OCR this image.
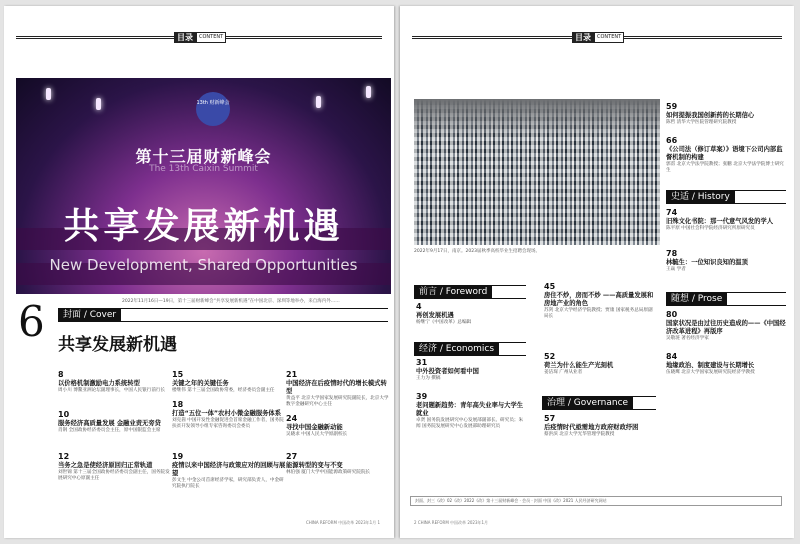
目录	CONTENT
13th 财新峰会
第十三届财新峰会
The 13th Caixin Summit
共享发展新机遇
New Development, Shared Opportunities
2022年11月16日—19日，第十三届财新峰会“共享发展新机遇”在中国北京、深圳等地举办，来自海内外……
6	封面 / Cover
共享发展新机遇
8
以价格机制激励电力系统转型
周小川 博鳌亚洲论坛副理事长，中国人民银行前行长
10
服务经济高质量发展 金融业责无旁贷
肖钢 全国政协经济委员会主任，原中国银监会主席
12
当务之急是使经济原回归正常轨道
刘世锦 第十三届全国政协经济委员会副主任，国务院发展研究中心原副主任
15
关键之年的关键任务
楼继伟 第十三届全国政协常委，经济委员会副主任
18
打造“五位一体”农村小微金融服务体系
刘克崮 中国开发性金融促进会首席金融工作者，国务院扶贫开发领导小组专家咨询委员会委员
19
疫情以来中国经济与政策应对的回顾与展望
彭文生 中金公司首席经济学家，研究部负责人，中金研究院执行院长
21
中国经济在后疫情时代的增长模式转型
黄益平 北京大学国家发展研究院副院长，北京大学数字金融研究中心主任
24
寻找中国金融新动能
吴晓求 中国人民大学原副校长
27
能源转型的变与不变
林伯强 厦门大学中国能源政策研究院院长
CHINA REFORM 中国改革 2023年1月 1
目录	CONTENT
2022年9月17日，南京。2023届秋季高校毕业生招聘会现场。
59
如何提振我国创新药的长期信心
陈哲 清华大学医院管理研究院教授
66
《公司法（修订草案）》语境下公司内部监督机制的构建
郭雳 北京大学法学院教授；张鹏 北京大学法学院博士研究生
史适 / History
74
旧殊文化书院：那一代意气风发的学人
陈平原 中国社会科学院经济研究所原研究员
78
林毓生：一位知识良知的温顶
王焱 学者
随想 / Prose
80
国家状况是由过往历史造成的——《中国经济改革进程》再版序
吴敬琏 著名经济学家
84
地缘政治、制度建设与长期增长
伍晓鹰 北京大学国家发展研究院经济学教授
前言 / Foreword
4
再创发展机遇
杨继宁《中国改革》总编辑
经济 / Economics
31
中外投资者如何看中国
王力为 撰稿
39
老问题新趋势：青年高失业率与大学生就业
卓贤 国务院发展研究中心发展部副部长、研究员；朱闻 国务院发展研究中心发展部助理研究员
45
房住不炒，房而不炒 ——高质量发展和房地产业的角色
苏剑 北京大学经济学院教授；贾康 国家税务总局原副局长
52
荷兰为什么能生产光刻机
姜洁琛 广州从业者
治理 / Governance
57
后疫情时代亟需地方政府财政纾困
蔡洪滨 北京大学光华管理学院教授
封面、封三《改》02《改》2022《改》第十三届财新峰会 · 会员 · 封面 中国《改》2021 人民经济研究网站
2 CHINA REFORM 中国改革 2023年1月
